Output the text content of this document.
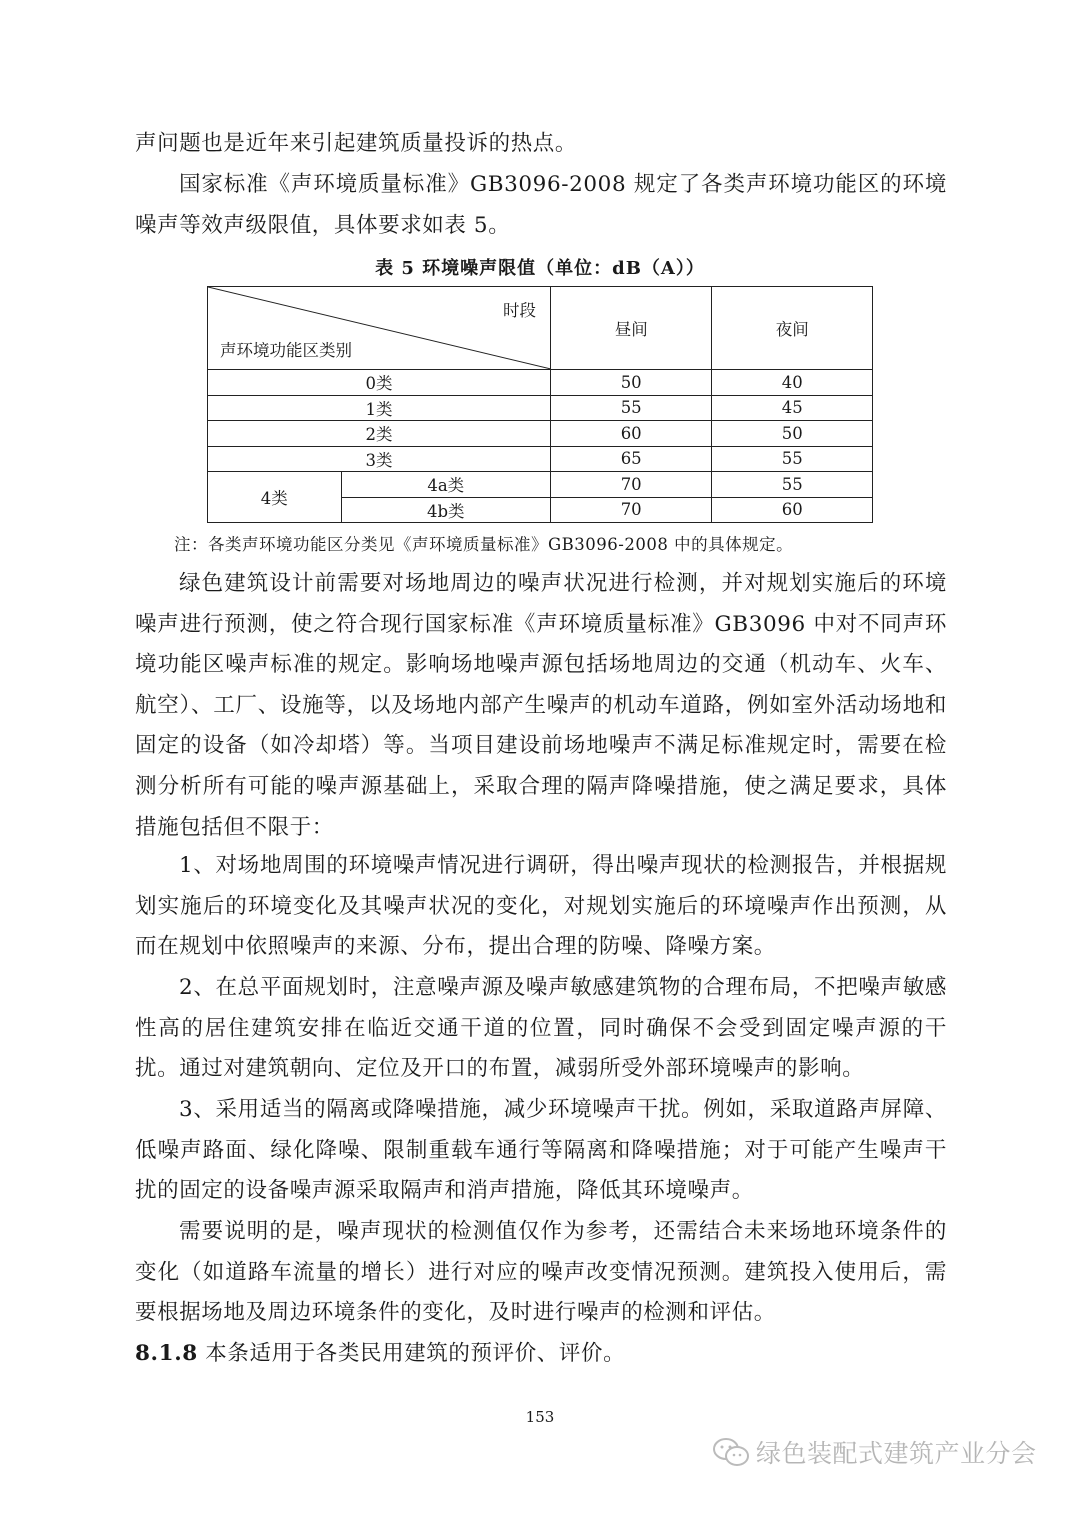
声问题也是近年来引起建筑质量投诉的热点。

国家标准《声环境质量标准》GB3096-2008 规定了各类声环境功能区的环境噪声等效声级限值，具体要求如表 5。

表 5 环境噪声限值（单位：dB（A））
时段
声环境功能区类别		昼间	夜间
0类		50	40
1类		55	45
2类		60	50
3类		65	55
4类	4a类	70	55
	4b类	70	60
注：各类声环境功能区分类见《声环境质量标准》GB3096-2008 中的具体规定。

绿色建筑设计前需要对场地周边的噪声状况进行检测，并对规划实施后的环境噪声进行预测，使之符合现行国家标准《声环境质量标准》GB3096 中对不同声环境功能区噪声标准的规定。影响场地噪声源包括场地周边的交通（机动车、火车、航空）、工厂、设施等，以及场地内部产生噪声的机动车道路，例如室外活动场地和固定的设备（如冷却塔）等。当项目建设前场地噪声不满足标准规定时，需要在检测分析所有可能的噪声源基础上，采取合理的隔声降噪措施，使之满足要求，具体措施包括但不限于：

1、对场地周围的环境噪声情况进行调研，得出噪声现状的检测报告，并根据规划实施后的环境变化及其噪声状况的变化，对规划实施后的环境噪声作出预测，从而在规划中依照噪声的来源、分布，提出合理的防噪、降噪方案。

2、在总平面规划时，注意噪声源及噪声敏感建筑物的合理布局，不把噪声敏感性高的居住建筑安排在临近交通干道的位置，同时确保不会受到固定噪声源的干扰。通过对建筑朝向、定位及开口的布置，减弱所受外部环境噪声的影响。

3、采用适当的隔离或降噪措施，减少环境噪声干扰。例如，采取道路声屏障、低噪声路面、绿化降噪、限制重载车通行等隔离和降噪措施；对于可能产生噪声干扰的固定的设备噪声源采取隔声和消声措施，降低其环境噪声。

需要说明的是，噪声现状的检测值仅作为参考，还需结合未来场地环境条件的变化（如道路车流量的增长）进行对应的噪声改变情况预测。建筑投入使用后，需要根据场地及周边环境条件的变化，及时进行噪声的检测和评估。

8.1.8 本条适用于各类民用建筑的预评价、评价。

153
绿色装配式建筑产业分会
